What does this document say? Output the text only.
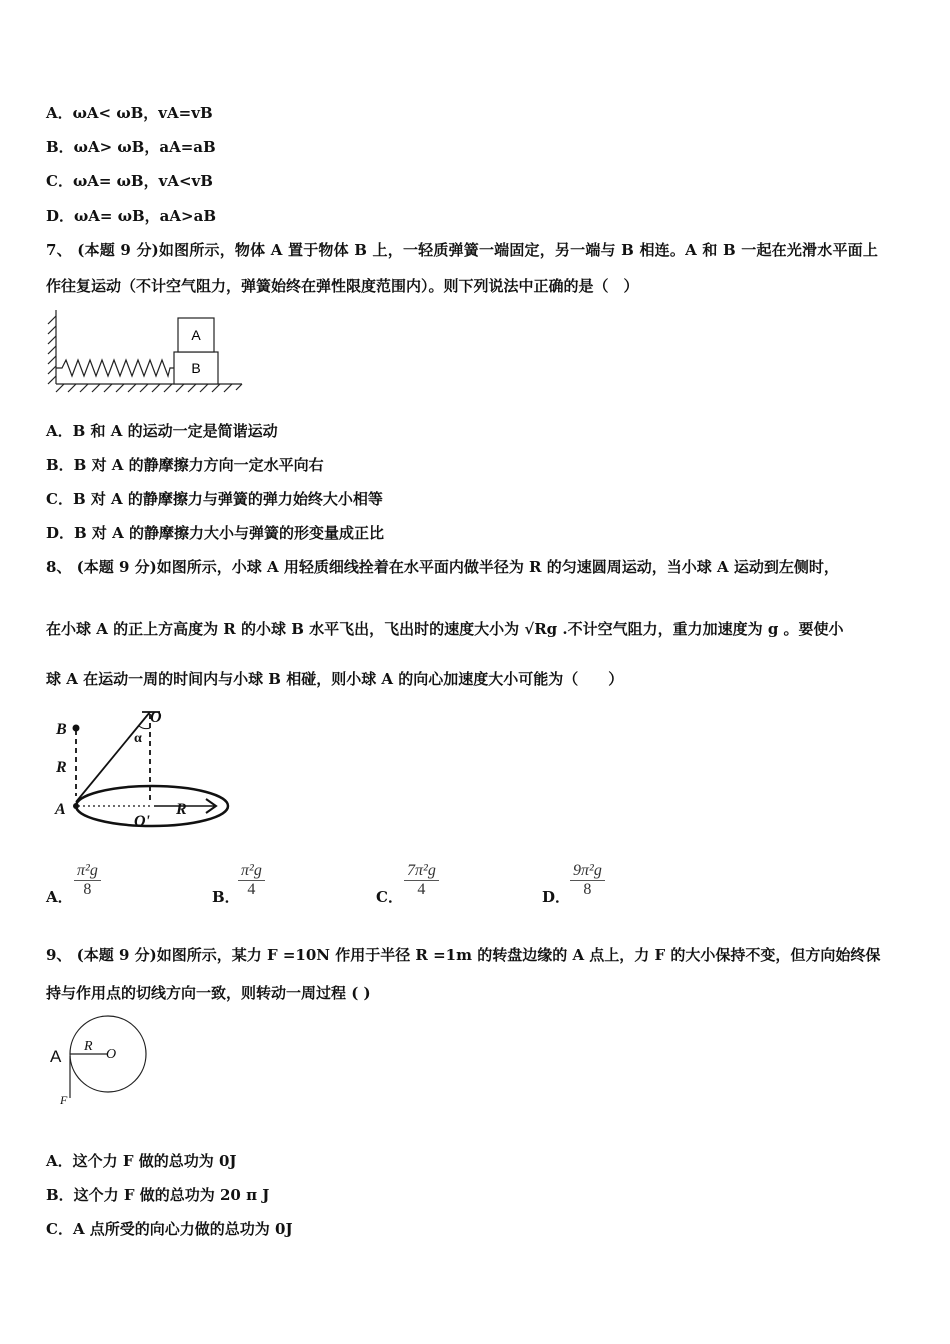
A．ωA< ωB，vA=vB
B．ωA> ωB，aA=aB
C．ωA= ωB，vA<vB
D．ωA= ωB，aA>aB
7、 (本题 9 分)如图所示，物体 A 置于物体 B 上，一轻质弹簧一端固定，另一端与 B 相连。A 和 B 一起在光滑水平面上
作往复运动（不计空气阻力，弹簧始终在弹性限度范围内）。则下列说法中正确的是（　）
B
A
A．B 和 A 的运动一定是简谐运动
B．B 对 A 的静摩擦力方向一定水平向右
C．B 对 A 的静摩擦力与弹簧的弹力始终大小相等
D．B 对 A 的静摩擦力大小与弹簧的形变量成正比
8、 (本题 9 分)如图所示，小球 A 用轻质细线拴着在水平面内做半径为 R 的匀速圆周运动，当小球 A 运动到左侧时，
在小球 A 的正上方高度为 R 的小球 B 水平飞出，飞出时的速度大小为 √Rg .不计空气阻力，重力加速度为 g 。要使小
球 A 在运动一周的时间内与小球 B 相碰，则小球 A 的向心加速度大小可能为（　　）
B
R
A
O
α
O'
R
A． $\frac{\text{π²g}}{8}$	B．
$\frac{\text{π²g}}{4}$	C． $\frac{\text{7π²g}}{4}$	D． $\frac{\text{9π²g}}{8}$
9、 (本题 9 分)如图所示，某力 F =10N 作用于半径 R =1m 的转盘边缘的 A 点上，力 F 的大小保持不变，但方向始终保
持与作用点的切线方向一致，则转动一周过程 ( )
A
R
O
F
A．这个力 F 做的总功为 0J
B．这个力 F 做的总功为 20 π J
C．A 点所受的向心力做的总功为 0J
